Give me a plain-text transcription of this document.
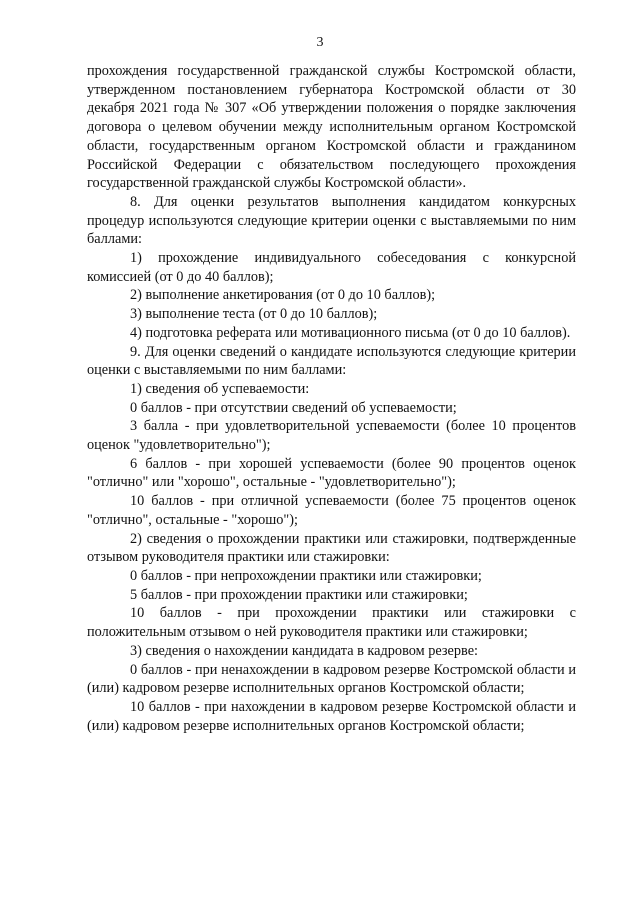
3

прохождения государственной гражданской службы Костромской области, утвержденном постановлением губернатора Костромской области от 30 декабря 2021 года № 307 «Об утверждении положения о порядке заключения договора о целевом обучении между исполнительным органом Костромской области, государственным органом Костромской области и гражданином Российской Федерации с обязательством последующего прохождения государственной гражданской службы Костромской области».

8. Для оценки результатов выполнения кандидатом конкурсных процедур используются следующие критерии оценки с выставляемыми по ним баллами:

1) прохождение индивидуального собеседования с конкурсной комиссией (от 0 до 40 баллов);

2) выполнение анкетирования (от 0 до 10 баллов);

3) выполнение теста (от 0 до 10 баллов);

4) подготовка реферата или мотивационного письма (от 0 до 10 баллов).

9. Для оценки сведений о кандидате используются следующие критерии оценки с выставляемыми по ним баллами:

1) сведения об успеваемости:

0 баллов - при отсутствии сведений об успеваемости;

3 балла - при удовлетворительной успеваемости (более 10 процентов оценок "удовлетворительно");

6 баллов - при хорошей успеваемости (более 90 процентов оценок "отлично" или "хорошо", остальные - "удовлетворительно");

10 баллов - при отличной успеваемости (более 75 процентов оценок "отлично", остальные - "хорошо");

2) сведения о прохождении практики или стажировки, подтвержденные отзывом руководителя практики или стажировки:

0 баллов - при непрохождении практики или стажировки;

5 баллов - при прохождении практики или стажировки;

10 баллов - при прохождении практики или стажировки с положительным отзывом о ней руководителя практики или стажировки;

3) сведения о нахождении кандидата в кадровом резерве:

0 баллов - при ненахождении в кадровом резерве Костромской области и (или) кадровом резерве исполнительных органов Костромской области;

10 баллов - при нахождении в кадровом резерве Костромской области и (или) кадровом резерве исполнительных органов Костромской области;
